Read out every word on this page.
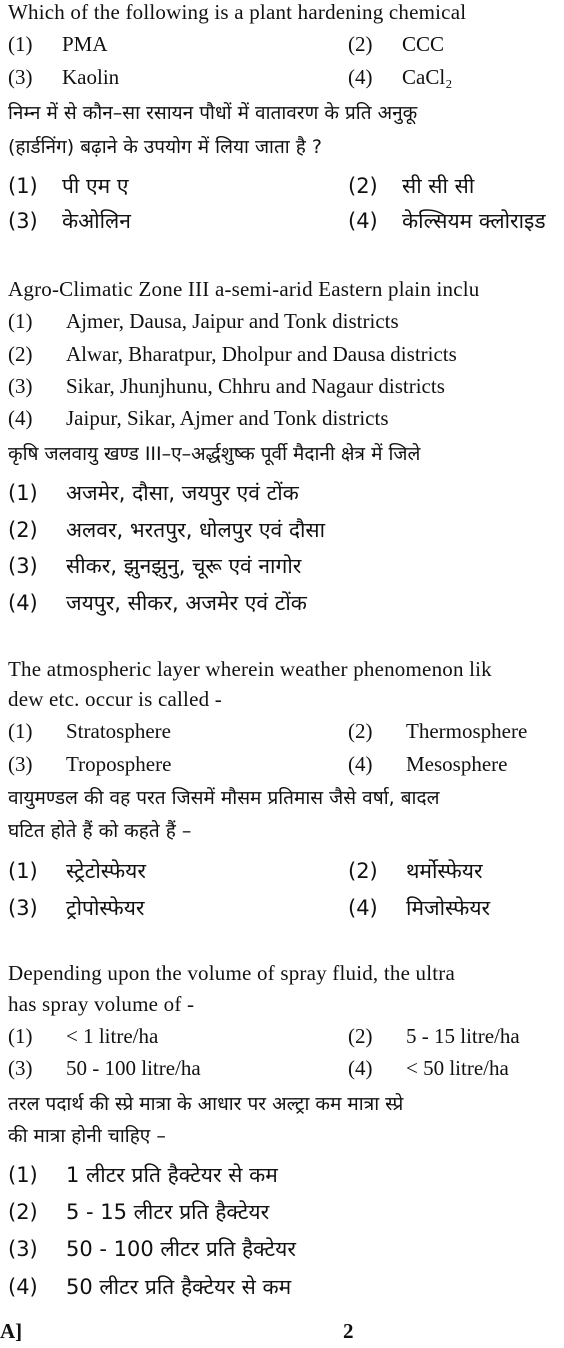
Which of the following is a plant hardening chemical
(1) PMA	(2) CCC
(3) Kaolin	(4) CaCl₂
निम्न में से कौन–सा रसायन पौधों में वातावरण के प्रति अनुकू
(हार्डनिंग) बढ़ाने के उपयोग में लिया जाता है ?
(1) पी एम ए	(2) सी सी सी
(3) केओलिन	(4) केल्सियम क्लोराइड
Agro-Climatic Zone III a-semi-arid Eastern plain inclu
(1) Ajmer, Dausa, Jaipur and Tonk districts
(2) Alwar, Bharatpur, Dholpur and Dausa districts
(3) Sikar, Jhunjhunu, Chhru and Nagaur districts
(4) Jaipur, Sikar, Ajmer and Tonk districts
कृषि जलवायु खण्ड III–ए–अर्द्धशुष्क पूर्वी मैदानी क्षेत्र में जिले
(1) अजमेर, दौसा, जयपुर एवं टोंक
(2) अलवर, भरतपुर, धोलपुर एवं दौसा
(3) सीकर, झुनझुनु, चूरू एवं नागोर
(4) जयपुर, सीकर, अजमेर एवं टोंक
The atmospheric layer wherein weather phenomenon lik
dew etc. occur is called -
(1) Stratosphere	(2) Thermosphere
(3) Troposphere	(4) Mesosphere
वायुमण्डल की वह परत जिसमें मौसम प्रतिमास जैसे वर्षा, बादल
घटित होते हैं को कहते हैं –
(1) स्ट्रेटोस्फेयर	(2) थर्मोस्फेयर
(3) ट्रोपोस्फेयर	(4) मिजोस्फेयर
Depending upon the volume of spray fluid, the ultra
has spray volume of -
(1) < 1 litre/ha	(2) 5 - 15 litre/ha
(3) 50 - 100 litre/ha	(4) < 50 litre/ha
तरल पदार्थ की स्प्रे मात्रा के आधार पर अल्ट्रा कम मात्रा स्प्रे
की मात्रा होनी चाहिए –
(1) 1 लीटर प्रति हैक्टेयर से कम
(2) 5 - 15 लीटर प्रति हैक्टेयर
(3) 50 - 100 लीटर प्रति हैक्टेयर
(4) 50 लीटर प्रति हैक्टेयर से कम
A]	2
